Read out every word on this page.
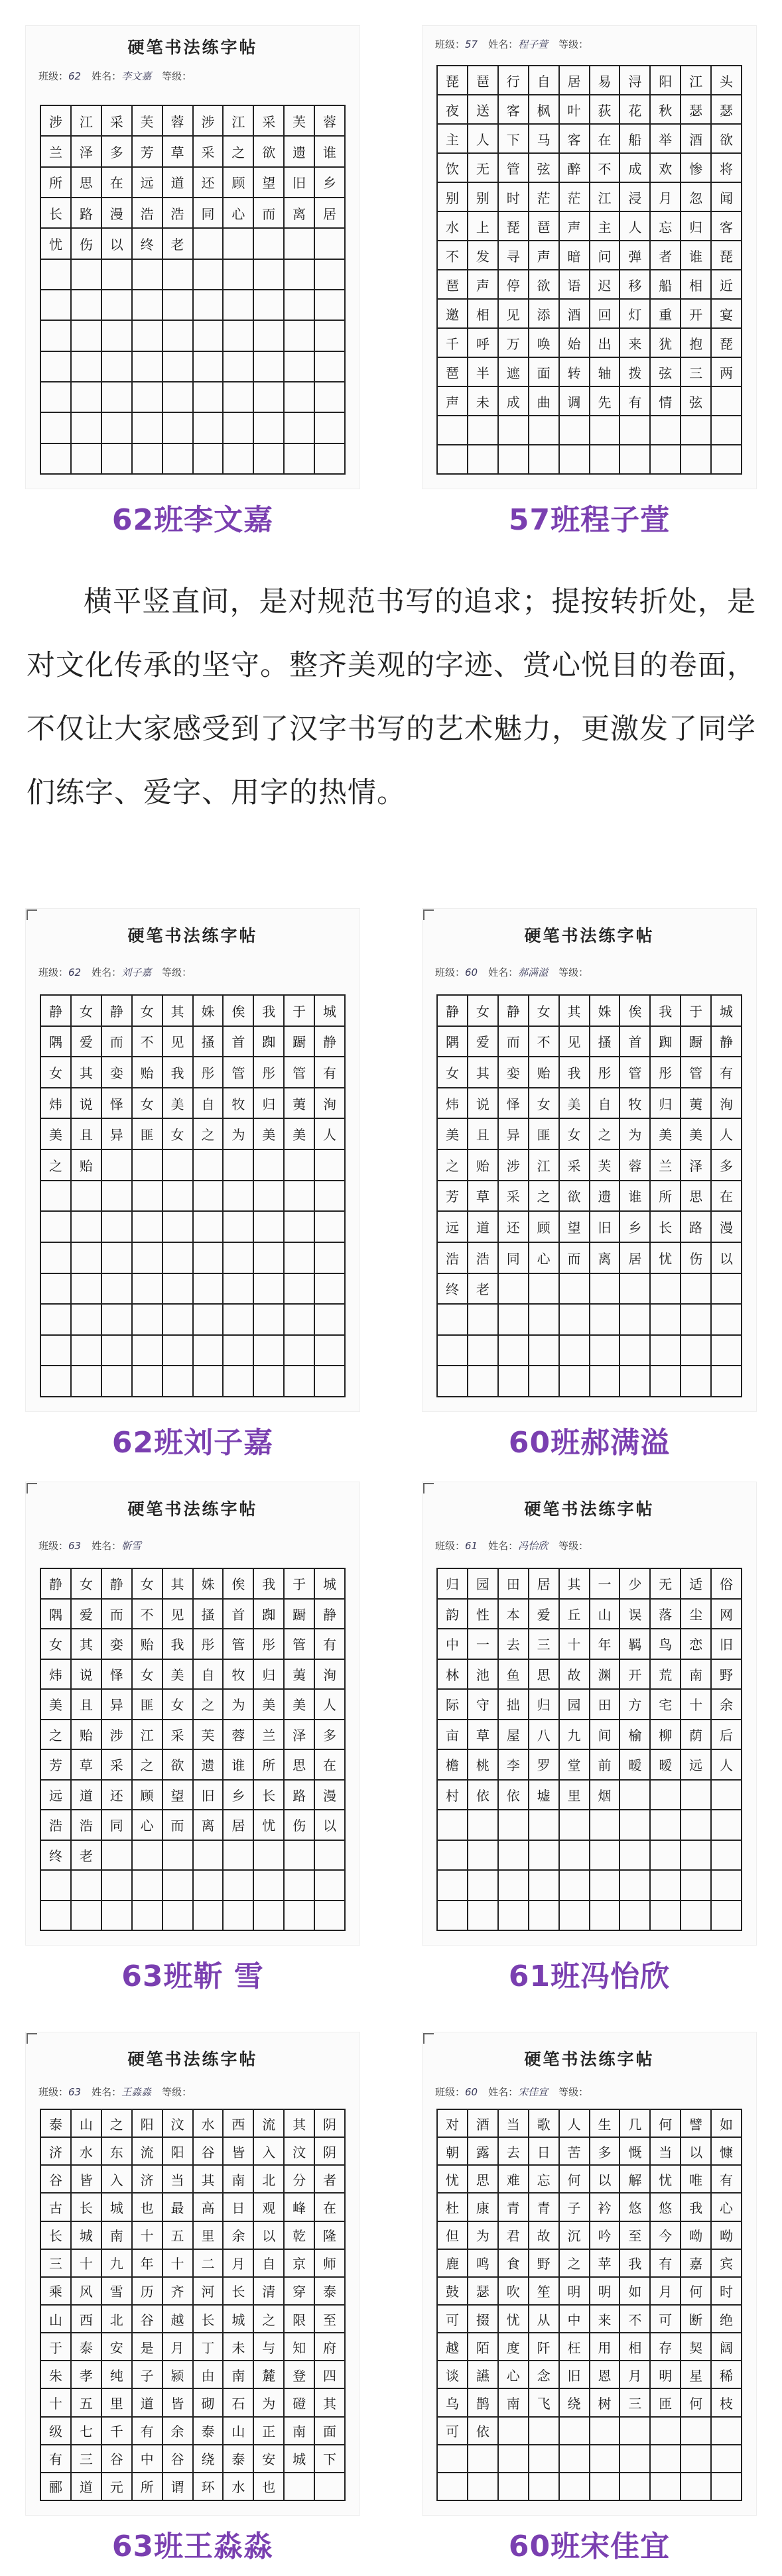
硬笔书法练字帖
班级：62 姓名：李文嘉 等级：
涉	江	采	芙	蓉	涉	江	采	芙	蓉
兰	泽	多	芳	草	采	之	欲	遗	谁
所	思	在	远	道	还	顾	望	旧	乡
长	路	漫	浩	浩	同	心	而	离	居
忧	伤	以	终	老
62班李文嘉
班级：57 姓名：程子萱 等级：
琵	琶	行	自	居	易	浔	阳	江	头
夜	送	客	枫	叶	荻	花	秋	瑟	瑟
主	人	下	马	客	在	船	举	酒	欲
饮	无	管	弦	醉	不	成	欢	惨	将
别	别	时	茫	茫	江	浸	月	忽	闻
水	上	琵	琶	声	主	人	忘	归	客
不	发	寻	声	暗	问	弹	者	谁	琵
琶	声	停	欲	语	迟	移	船	相	近
邀	相	见	添	酒	回	灯	重	开	宴
千	呼	万	唤	始	出	来	犹	抱	琵
琶	半	遮	面	转	轴	拨	弦	三	两
声	未	成	曲	调	先	有	情	弦
57班程子萱
横平竖直间，是对规范书写的追求；提按转折处，是对文化传承的坚守。整齐美观的字迹、赏心悦目的卷面，不仅让大家感受到了汉字书写的艺术魅力，更激发了同学们练字、爱字、用字的热情。
硬笔书法练字帖
班级：62 姓名：刘子嘉 等级：
静	女	静	女	其	姝	俟	我	于	城
隅	爱	而	不	见	搔	首	踟	蹰	静
女	其	娈	贻	我	彤	管	彤	管	有
炜	说	怿	女	美	自	牧	归	荑	洵
美	且	异	匪	女	之	为	美	美	人
之	贻
62班刘子嘉
硬笔书法练字帖
班级：60 姓名：郝满溢 等级：
静	女	静	女	其	姝	俟	我	于	城
隅	爱	而	不	见	搔	首	踟	蹰	静
女	其	娈	贻	我	彤	管	彤	管	有
炜	说	怿	女	美	自	牧	归	荑	洵
美	且	异	匪	女	之	为	美	美	人
之	贻	涉	江	采	芙	蓉	兰	泽	多
芳	草	采	之	欲	遗	谁	所	思	在
远	道	还	顾	望	旧	乡	长	路	漫
浩	浩	同	心	而	离	居	忧	伤	以
终	老
60班郝满溢
硬笔书法练字帖
班级：63 姓名：靳雪
静	女	静	女	其	姝	俟	我	于	城
隅	爱	而	不	见	搔	首	踟	蹰	静
女	其	娈	贻	我	彤	管	彤	管	有
炜	说	怿	女	美	自	牧	归	荑	洵
美	且	异	匪	女	之	为	美	美	人
之	贻	涉	江	采	芙	蓉	兰	泽	多
芳	草	采	之	欲	遗	谁	所	思	在
远	道	还	顾	望	旧	乡	长	路	漫
浩	浩	同	心	而	离	居	忧	伤	以
终	老
63班靳 雪
硬笔书法练字帖
班级：61 姓名：冯怡欣 等级：
归	园	田	居	其	一	少	无	适	俗
韵	性	本	爱	丘	山	误	落	尘	网
中	一	去	三	十	年	羁	鸟	恋	旧
林	池	鱼	思	故	渊	开	荒	南	野
际	守	拙	归	园	田	方	宅	十	余
亩	草	屋	八	九	间	榆	柳	荫	后
檐	桃	李	罗	堂	前	暧	暧	远	人
村	依	依	墟	里	烟
61班冯怡欣
硬笔书法练字帖
班级：63 姓名：王淼淼 等级：
泰	山	之	阳	汶	水	西	流	其	阴
济	水	东	流	阳	谷	皆	入	汶	阴
谷	皆	入	济	当	其	南	北	分	者
古	长	城	也	最	高	日	观	峰	在
长	城	南	十	五	里	余	以	乾	隆
三	十	九	年	十	二	月	自	京	师
乘	风	雪	历	齐	河	长	清	穿	泰
山	西	北	谷	越	长	城	之	限	至
于	泰	安	是	月	丁	未	与	知	府
朱	孝	纯	子	颍	由	南	麓	登	四
十	五	里	道	皆	砌	石	为	磴	其
级	七	千	有	余	泰	山	正	南	面
有	三	谷	中	谷	绕	泰	安	城	下
郦	道	元	所	谓	环	水	也
63班王淼淼
硬笔书法练字帖
班级：60 姓名：宋佳宜 等级：
对	酒	当	歌	人	生	几	何	譬	如
朝	露	去	日	苦	多	慨	当	以	慷
忧	思	难	忘	何	以	解	忧	唯	有
杜	康	青	青	子	衿	悠	悠	我	心
但	为	君	故	沉	吟	至	今	呦	呦
鹿	鸣	食	野	之	苹	我	有	嘉	宾
鼓	瑟	吹	笙	明	明	如	月	何	时
可	掇	忧	从	中	来	不	可	断	绝
越	陌	度	阡	枉	用	相	存	契	阔
谈	讌	心	念	旧	恩	月	明	星	稀
乌	鹊	南	飞	绕	树	三	匝	何	枝
可	依
60班宋佳宜
